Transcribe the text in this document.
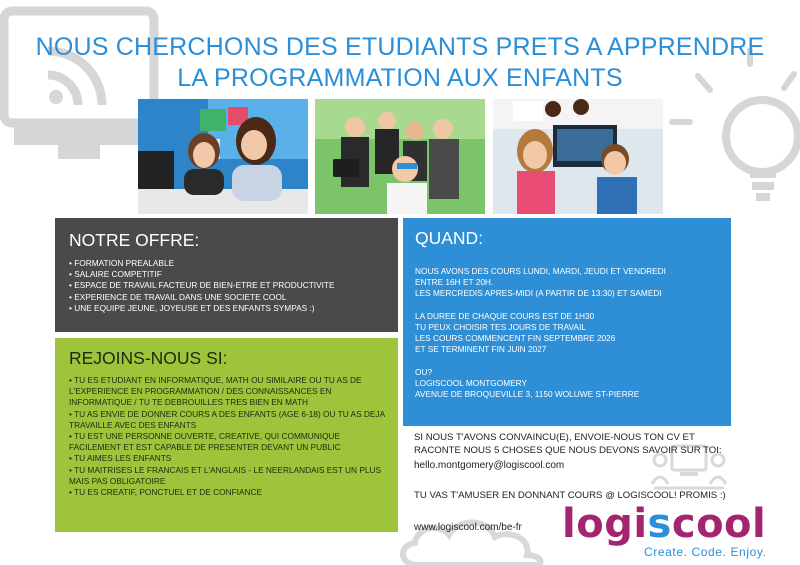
NOUS CHERCHONS DES ETUDIANTS PRETS A APPRENDRE
LA PROGRAMMATION AUX ENFANTS
NOTRE OFFRE:
• FORMATION PREALABLE
• SALAIRE COMPETITIF
• ESPACE DE TRAVAIL FACTEUR DE BIEN-ETRE ET PRODUCTIVITE
• EXPERIENCE DE TRAVAIL DANS UNE SOCIETE COOL
• UNE EQUIPE JEUNE, JOYEUSE ET DES ENFANTS SYMPAS :)
REJOINS-NOUS SI:
• TU ES ETUDIANT EN INFORMATIQUE, MATH OU SIMILAIRE OU TU AS DE L'EXPERIENCE EN PROGRAMMATION / DES CONNAISSANCES EN INFORMATIQUE / TU TE DEBROUILLES TRES BIEN EN MATH
• TU AS ENVIE DE DONNER COURS A DES ENFANTS (AGE 6-18) OU TU AS DEJA TRAVAILLE AVEC DES ENFANTS
• TU EST UNE PERSONNE OUVERTE, CREATIVE, QUI COMMUNIQUE FACILEMENT ET EST CAPABLE DE PRESENTER DEVANT UN PUBLIC
• TU AIMES LES ENFANTS
• TU MAITRISES LE FRANCAIS ET L'ANGLAIS - LE NEERLANDAIS EST UN PLUS MAIS PAS OBLIGATOIRE
• TU ES CREATIF, PONCTUEL ET DE CONFIANCE
QUAND:
NOUS AVONS DES COURS LUNDI, MARDI, JEUDI ET VENDREDI
ENTRE 16H ET 20H.
LES MERCREDIS APRES-MIDI (A PARTIR DE 13:30) ET SAMEDI
LA DUREE DE CHAQUE COURS EST DE 1H30
TU PEUX CHOISIR TES JOURS DE TRAVAIL
LES COURS COMMENCENT FIN SEPTEMBRE 2026
ET SE TERMINENT FIN JUIN 2027
OU?
LOGISCOOL MONTGOMERY
AVENUE DE BROQUEVILLE 3, 1150 WOLUWE ST-PIERRE
SI NOUS T'AVONS CONVAINCU(E), ENVOIE-NOUS TON CV ET RACONTE NOUS 5 CHOSES QUE NOUS DEVONS SAVOIR SUR TOI:
hello.montgomery@logiscool.com
TU VAS T'AMUSER EN DONNANT COURS @ LOGISCOOL! PROMIS :)
www.logiscool.com/be-fr logiscool
Create. Code. Enjoy.
